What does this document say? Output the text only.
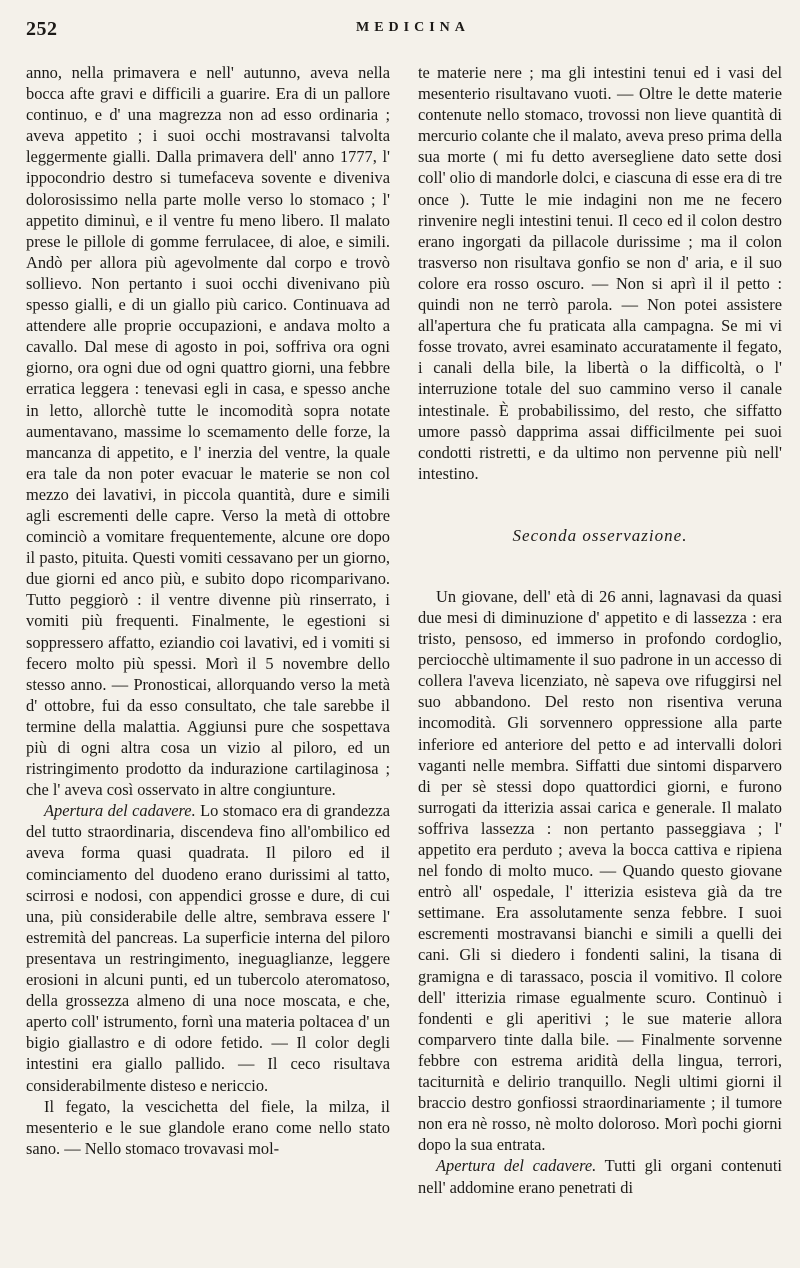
252	MEDICINA

anno, nella primavera e nell' autunno, aveva nella bocca afte gravi e difficili a guarire. Era di un pallore continuo, e d' una magrezza non ad esso ordinaria ; aveva appetito ; i suoi occhi mostravansi talvolta leggermente gialli. Dalla primavera dell' anno 1777, l' ippocondrio destro si tumefaceva sovente e diveniva dolorosissimo nella parte molle verso lo stomaco ; l' appetito diminuì, e il ventre fu meno libero. Il malato prese le pillole di gomme ferrulacee, di aloe, e simili. Andò per allora più agevolmente dal corpo e trovò sollievo. Non pertanto i suoi occhi divenivano più spesso gialli, e di un giallo più carico. Continuava ad attendere alle proprie occupazioni, e andava molto a cavallo. Dal mese di agosto in poi, soffriva ora ogni giorno, ora ogni due od ogni quattro giorni, una febbre erratica leggera : tenevasi egli in casa, e spesso anche in letto, allorchè tutte le incomodità sopra notate aumentavano, massime lo scemamento delle forze, la mancanza di appetito, e l' inerzia del ventre, la quale era tale da non poter evacuar le materie se non col mezzo dei lavativi, in piccola quantità, dure e simili agli escrementi delle capre. Verso la metà di ottobre cominciò a vomitare frequentemente, alcune ore dopo il pasto, pituita. Questi vomiti cessavano per un giorno, due giorni ed anco più, e subito dopo ricomparivano. Tutto peggiorò : il ventre divenne più rinserrato, i vomiti più frequenti. Finalmente, le egestioni si soppressero affatto, eziandio coi lavativi, ed i vomiti si fecero molto più spessi. Morì il 5 novembre dello stesso anno. — Pronosticai, allorquando verso la metà d' ottobre, fui da esso consultato, che tale sarebbe il termine della malattia. Aggiunsi pure che sospettava più di ogni altra cosa un vizio al piloro, ed un ristringimento prodotto da indurazione cartilaginosa ; che l' aveva così osservato in altre congiunture.

Apertura del cadavere. Lo stomaco era di grandezza del tutto straordinaria, discendeva fino all'ombilico ed aveva forma quasi quadrata. Il piloro ed il cominciamento del duodeno erano durissimi al tatto, scirrosi e nodosi, con appendici grosse e dure, di cui una, più considerabile delle altre, sembrava essere l' estremità del pancreas. La superficie interna del piloro presentava un restringimento, ineguaglianze, leggere erosioni in alcuni punti, ed un tubercolo ateromatoso, della grossezza almeno di una noce moscata, e che, aperto coll' istrumento, fornì una materia poltacea d' un bigio giallastro e di odore fetido. — Il color degli intestini era giallo pallido. — Il ceco risultava considerabilmente disteso e nericcio.

Il fegato, la vescichetta del fiele, la milza, il mesenterio e le sue glandole erano come nello stato sano. — Nello stomaco trovavasi mol-

te materie nere ; ma gli intestini tenui ed i vasi del mesenterio risultavano vuoti. — Oltre le dette materie contenute nello stomaco, trovossi non lieve quantità di mercurio colante che il malato, aveva preso prima della sua morte ( mi fu detto aversegliene dato sette dosi coll' olio di mandorle dolci, e ciascuna di esse era di tre once ). Tutte le mie indagini non me ne fecero rinvenire negli intestini tenui. Il ceco ed il colon destro erano ingorgati da pillacole durissime ; ma il colon trasverso non risultava gonfio se non d' aria, e il suo colore era rosso oscuro. — Non si aprì il il petto : quindi non ne terrò parola. — Non potei assistere all'apertura che fu praticata alla campagna. Se mi vi fosse trovato, avrei esaminato accuratamente il fegato, i canali della bile, la libertà o la difficoltà, o l' interruzione totale del suo cammino verso il canale intestinale. È probabilissimo, del resto, che siffatto umore passò dapprima assai difficilmente pei suoi condotti ristretti, e da ultimo non pervenne più nell' intestino.

Seconda osservazione.

Un giovane, dell' età di 26 anni, lagnavasi da quasi due mesi di diminuzione d' appetito e di lassezza : era tristo, pensoso, ed immerso in profondo cordoglio, perciocchè ultimamente il suo padrone in un accesso di collera l'aveva licenziato, nè sapeva ove rifuggirsi nel suo abbandono. Del resto non risentiva veruna incomodità. Gli sorvennero oppressione alla parte inferiore ed anteriore del petto e ad intervalli dolori vaganti nelle membra. Siffatti due sintomi disparvero di per sè stessi dopo quattordici giorni, e furono surrogati da itterizia assai carica e generale. Il malato soffriva lassezza : non pertanto passeggiava ; l' appetito era perduto ; aveva la bocca cattiva e ripiena nel fondo di molto muco. — Quando questo giovane entrò all' ospedale, l' itterizia esisteva già da tre settimane. Era assolutamente senza febbre. I suoi escrementi mostravansi bianchi e simili a quelli dei cani. Gli si diedero i fondenti salini, la tisana di gramigna e di tarassaco, poscia il vomitivo. Il colore dell' itterizia rimase egualmente scuro. Continuò i fondenti e gli aperitivi ; le sue materie allora comparvero tinte dalla bile. — Finalmente sorvenne febbre con estrema aridità della lingua, terrori, taciturnità e delirio tranquillo. Negli ultimi giorni il braccio destro gonfiossi straordinariamente ; il tumore non era nè rosso, nè molto doloroso. Morì pochi giorni dopo la sua entrata.

Apertura del cadavere. Tutti gli organi contenuti nell' addomine erano penetrati di
